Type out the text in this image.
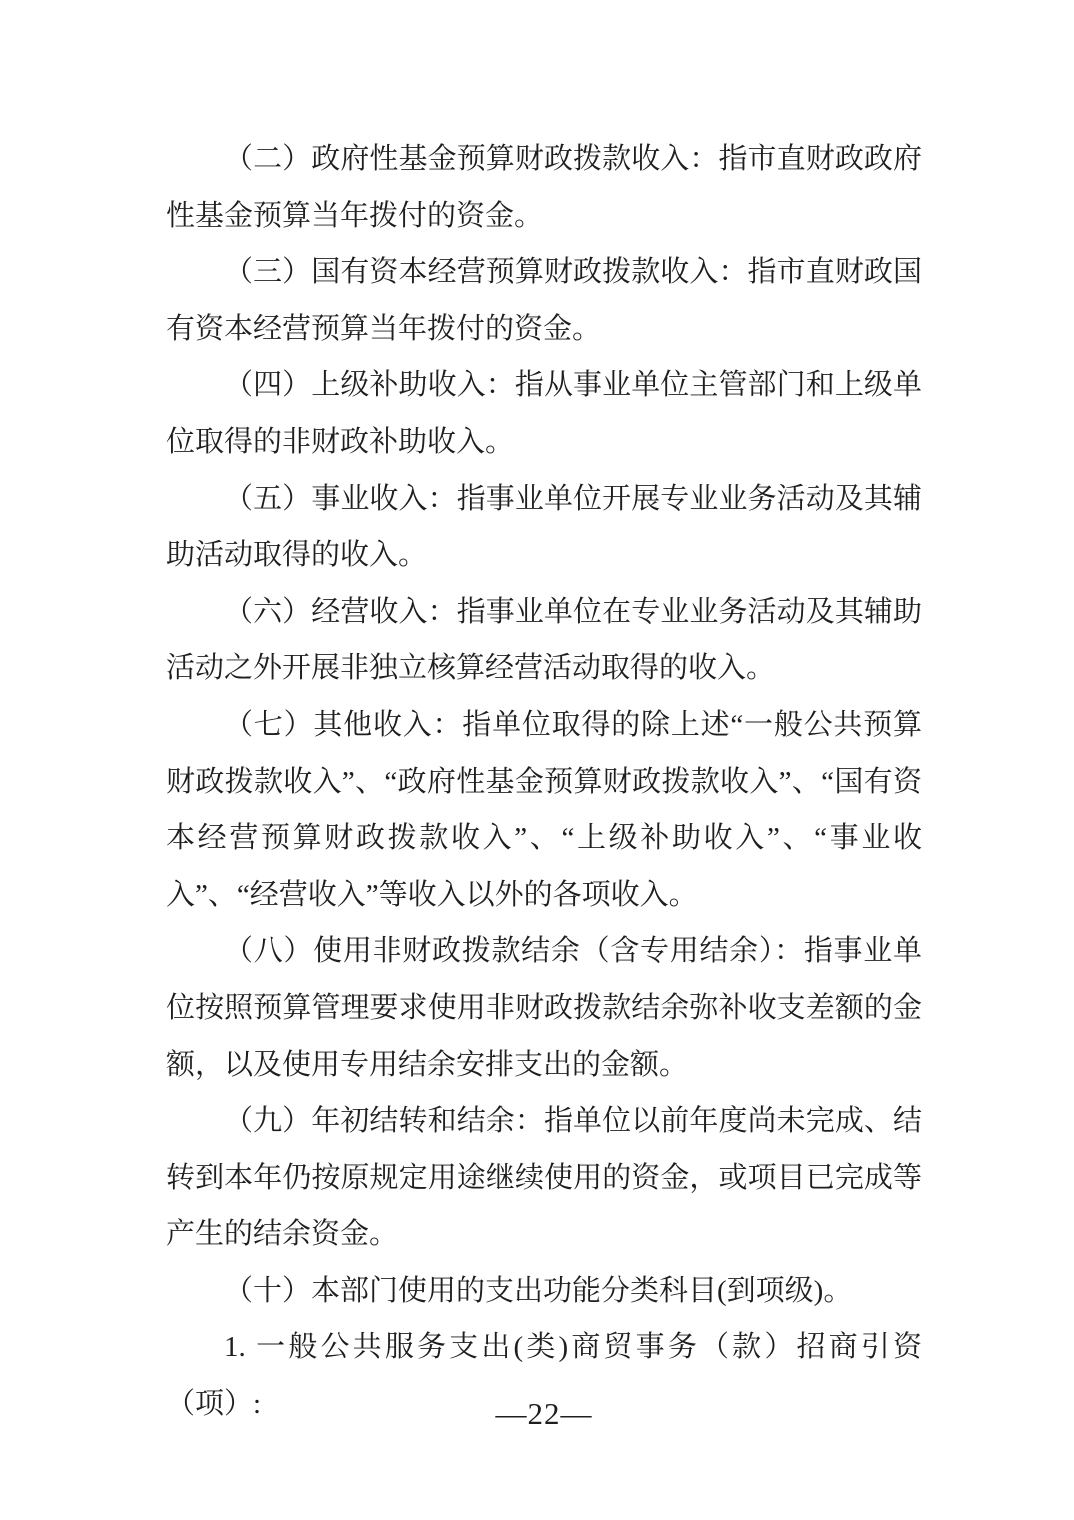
（二）政府性基金预算财政拨款收入：指市直财政政府性基金预算当年拨付的资金。

（三）国有资本经营预算财政拨款收入：指市直财政国有资本经营预算当年拨付的资金。

（四）上级补助收入：指从事业单位主管部门和上级单位取得的非财政补助收入。

（五）事业收入：指事业单位开展专业业务活动及其辅助活动取得的收入。

（六）经营收入：指事业单位在专业业务活动及其辅助活动之外开展非独立核算经营活动取得的收入。

（七）其他收入：指单位取得的除上述“一般公共预算财政拨款收入”、“政府性基金预算财政拨款收入”、“国有资本经营预算财政拨款收入”、“上级补助收入”、“事业收入”、“经营收入”等收入以外的各项收入。

（八）使用非财政拨款结余（含专用结余）：指事业单位按照预算管理要求使用非财政拨款结余弥补收支差额的金额，以及使用专用结余安排支出的金额。

（九）年初结转和结余：指单位以前年度尚未完成、结转到本年仍按原规定用途继续使用的资金，或项目已完成等产生的结余资金。

（十）本部门使用的支出功能分类科目(到项级)。

1. 一般公共服务支出(类)商贸事务（款）招商引资（项）:	—22—
